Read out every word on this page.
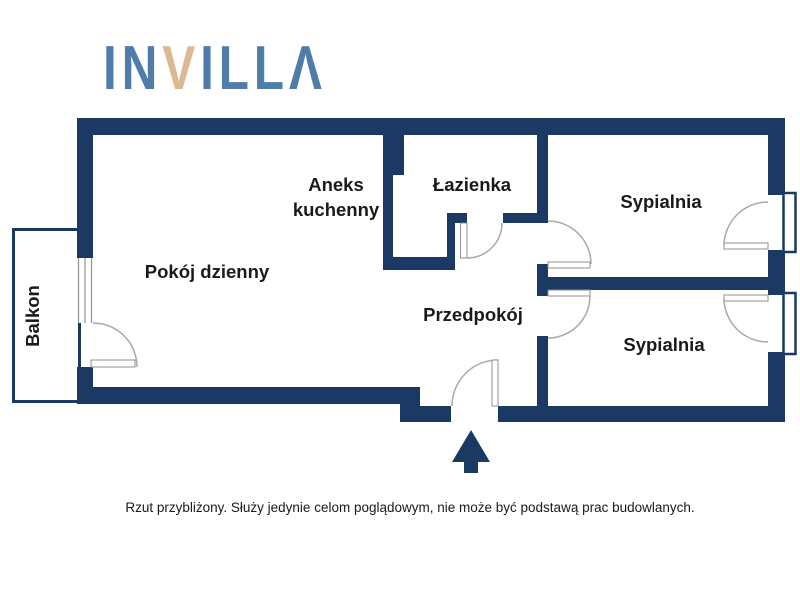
INVILLΛ
Pokój dzienny
Aneks
kuchenny
Łazienka
Sypialnia
Przedpokój
Sypialnia
Balkon
Rzut przybliżony. Służy jedynie celom poglądowym, nie może być podstawą prac budowlanych.
